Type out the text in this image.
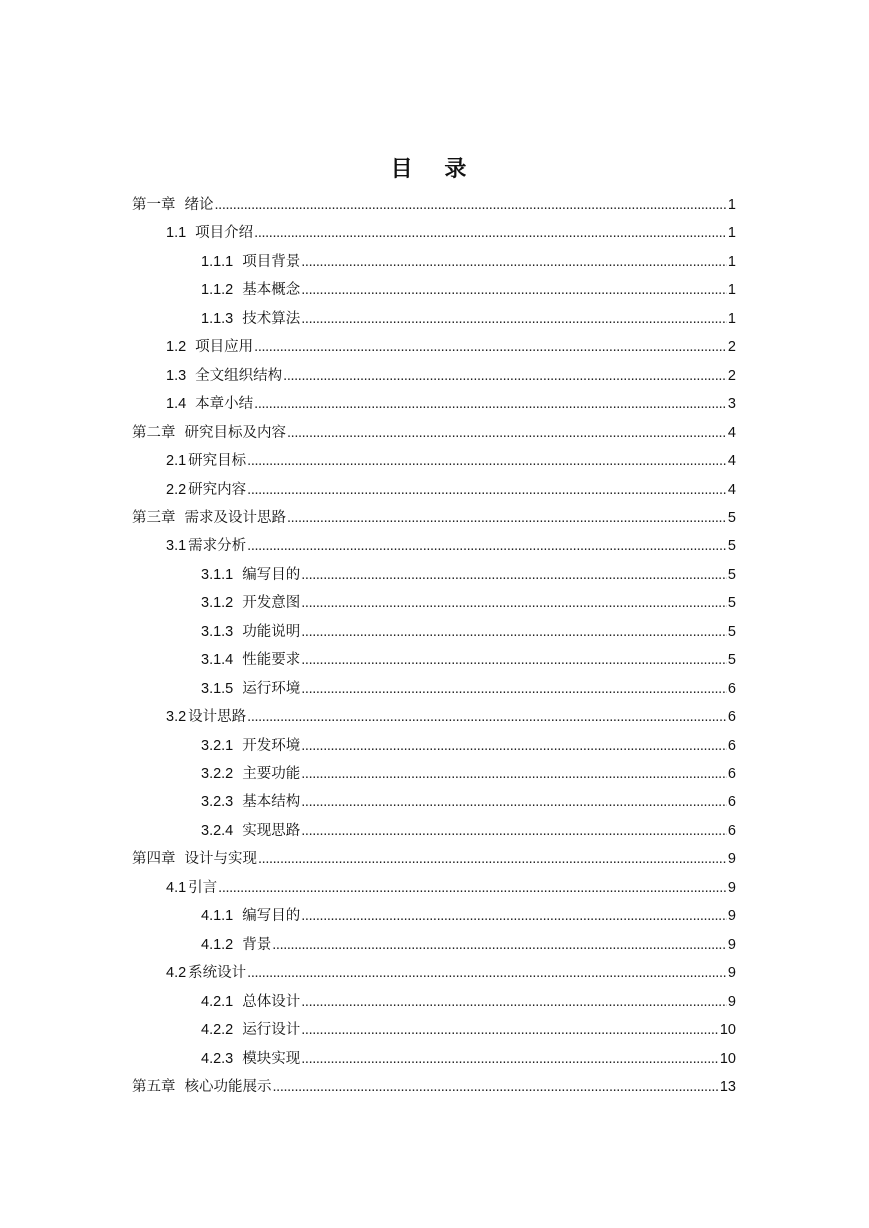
目 录
第一章 绪论 . . .	1
1.1 项目介绍 . . .	1
1.1.1 项目背景 . . .	1
1.1.2 基本概念 . . .	1
1.1.3 技术算法 . . .	1
1.2 项目应用 . . .	2
1.3 全文组织结构 . . .	2
1.4 本章小结 . . .	3
第二章 研究目标及内容 . . .	4
2.1 研究目标 . . .	4
2.2 研究内容 . . .	4
第三章 需求及设计思路 . . .	5
3.1 需求分析 . . .	5
3.1.1 编写目的 . . .	5
3.1.2 开发意图 . . .	5
3.1.3 功能说明 . . .	5
3.1.4 性能要求 . . .	5
3.1.5 运行环境 . . .	6
3.2 设计思路 . . .	6
3.2.1 开发环境 . . .	6
3.2.2 主要功能 . . .	6
3.2.3 基本结构 . . .	6
3.2.4 实现思路 . . .	6
第四章 设计与实现 . . .	9
4.1 引言 . . .	9
4.1.1 编写目的 . . .	9
4.1.2 背景 . . .	9
4.2 系统设计 . . .	9
4.2.1 总体设计 . . .	9
4.2.2 运行设计 . . .	10
4.2.3 模块实现 . . .	10
第五章 核心功能展示 . . .	13
